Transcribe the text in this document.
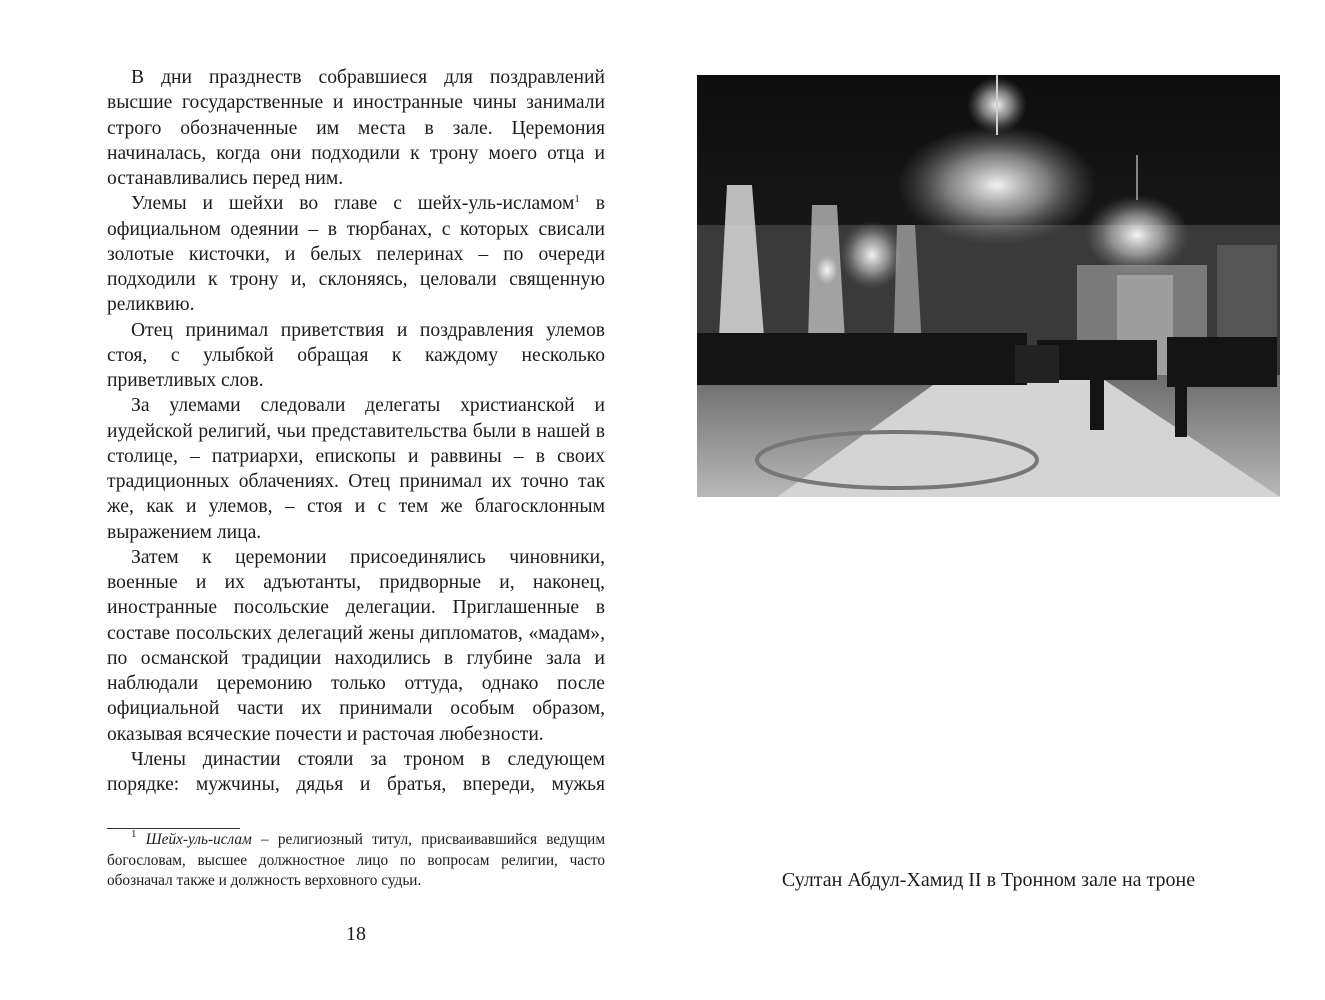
В дни празднеств собравшиеся для поздравлений высшие государственные и иностранные чины занимали строго обозначенные им места в зале. Церемония начиналась, когда они подходили к трону моего отца и останавливались перед ним.

Улемы и шейхи во главе с шейх-уль-исламом$^1$ в официальном одеянии – в тюрбанах, с которых свисали золотые кисточки, и белых пелеринах – по очереди подходили к трону и, склоняясь, целовали священную реликвию.

Отец принимал приветствия и поздравления улемов стоя, с улыбкой обращая к каждому несколько приветливых слов.

За улемами следовали делегаты христианской и иудейской религий, чьи представительства были в нашей в столице, – патриархи, епископы и раввины – в своих традиционных облачениях. Отец принимал их точно так же, как и улемов, – стоя и с тем же благосклонным выражением лица.

Затем к церемонии присоединялись чиновники, военные и их адъютанты, придворные и, наконец, иностранные посольские делегации. Приглашенные в составе посольских делегаций жены дипломатов, «мадам», по османской традиции находились в глубине зала и наблюдали церемонию только оттуда, однако после официальной части их принимали особым образом, оказывая всяческие почести и расточая любезности.

Члены династии стояли за троном в следующем порядке: мужчины, дядья и братья, впереди, мужья

$^1$ Шейх-уль-ислам – религиозный титул, присваивавшийся ведущим богословам, высшее должностное лицо по вопросам религии, часто обозначал также и должность верховного судьи.

18
Султан Абдул-Хамид II в Тронном зале на троне
